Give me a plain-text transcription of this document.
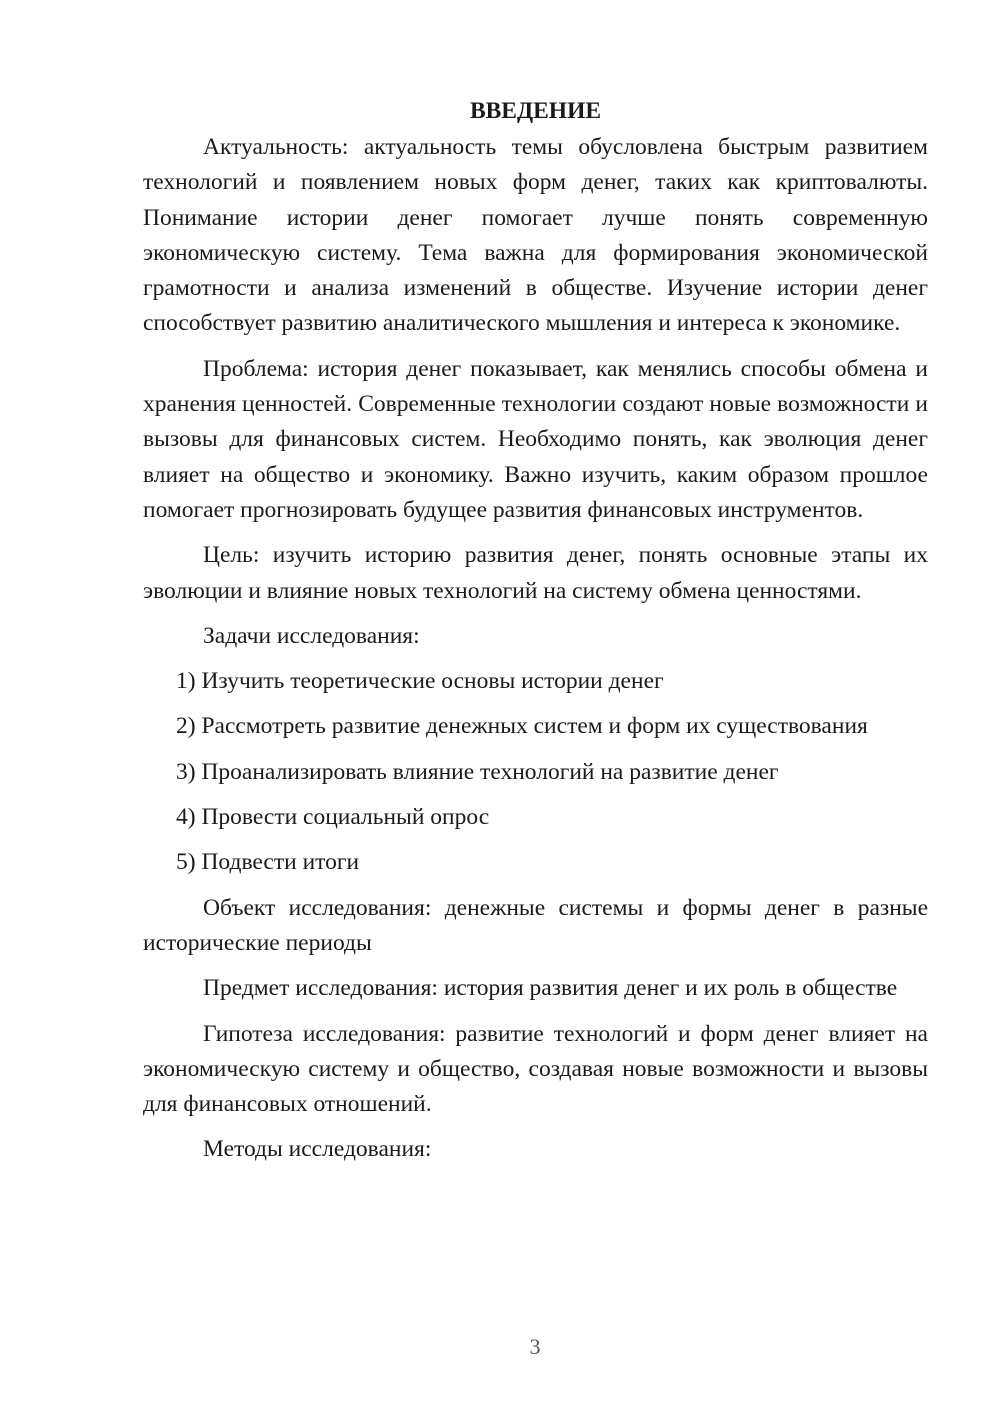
ВВЕДЕНИЕ

Актуальность: актуальность темы обусловлена быстрым развитием технологий и появлением новых форм денег, таких как криптовалюты. Понимание истории денег помогает лучше понять современную экономическую систему. Тема важна для формирования экономической грамотности и анализа изменений в обществе. Изучение истории денег способствует развитию аналитического мышления и интереса к экономике.

Проблема: история денег показывает, как менялись способы обмена и хранения ценностей. Современные технологии создают новые возможности и вызовы для финансовых систем. Необходимо понять, как эволюция денег влияет на общество и экономику. Важно изучить, каким образом прошлое помогает прогнозировать будущее развития финансовых инструментов.

Цель: изучить историю развития денег, понять основные этапы их эволюции и влияние новых технологий на систему обмена ценностями.

Задачи исследования:

1) Изучить теоретические основы истории денег
2) Рассмотреть развитие денежных систем и форм их существования
3) Проанализировать влияние технологий на развитие денег
4) Провести социальный опрос
5) Подвести итоги

Объект исследования: денежные системы и формы денег в разные исторические периоды

Предмет исследования: история развития денег и их роль в обществе

Гипотеза исследования: развитие технологий и форм денег влияет на экономическую систему и общество, создавая новые возможности и вызовы для финансовых отношений.

Методы исследования:

3
